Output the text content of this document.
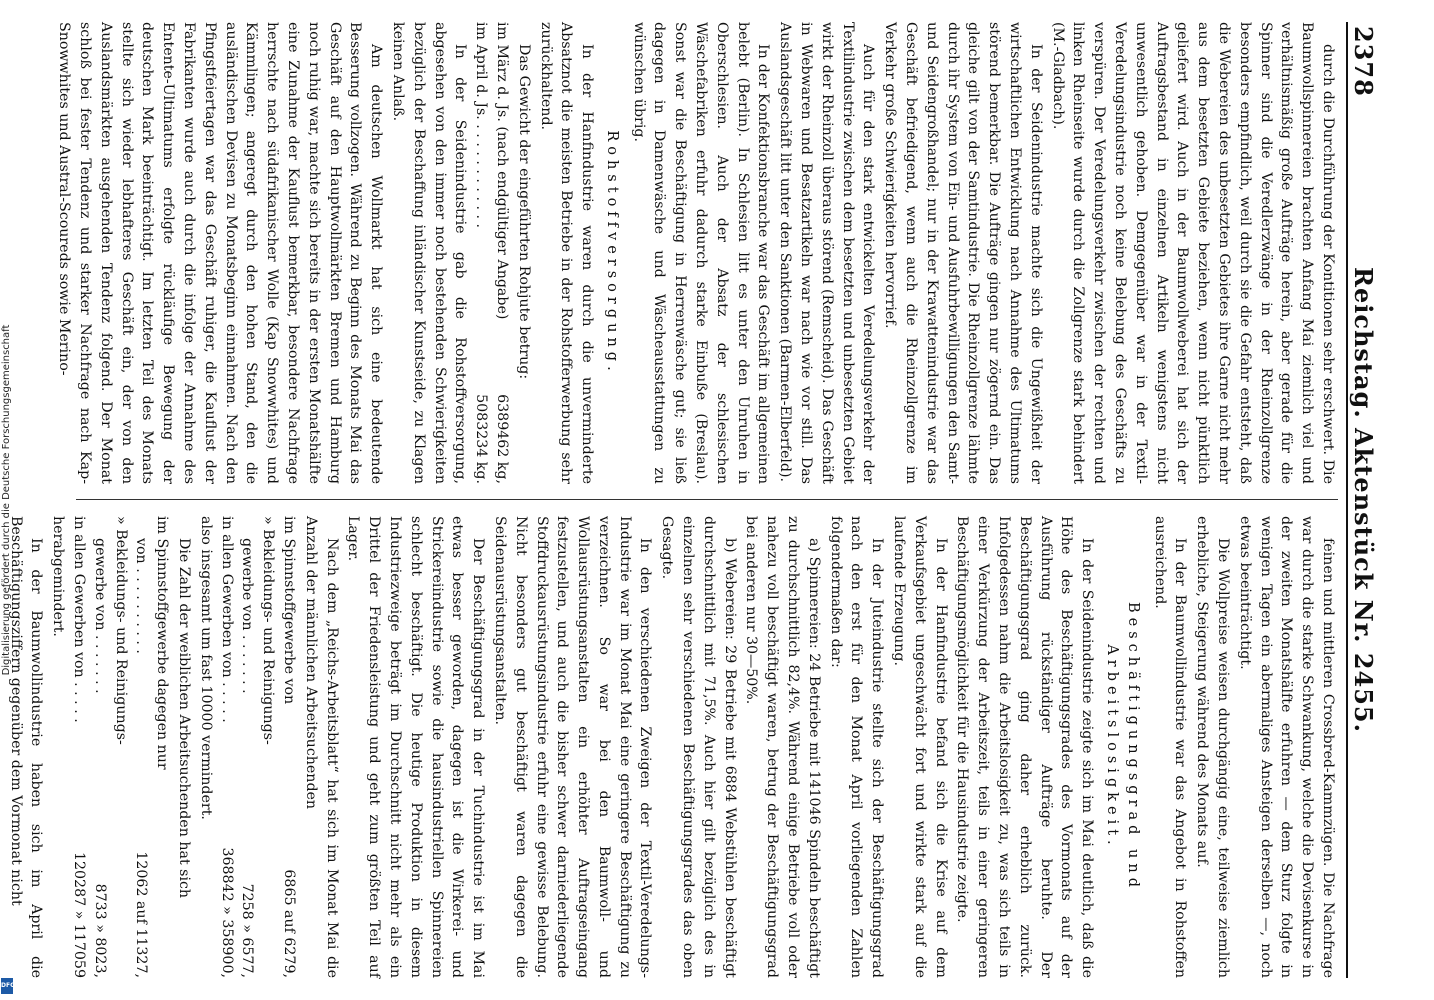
Digitalisierung gefördert durch die Deutsche Forschungsgemeinschaft
DFG
2378
Reichstag. Aktenstück Nr. 2455.

durch die Durchführung der Kontitionen sehr erschwert. Die Baumwollspinnereien brachten Anfang Mai ziemlich viel und verhältnismäßig große Aufträge herein, aber gerade für die Spinner sind die Veredlerzwänge in der Rheinzollgrenze besonders empfindlich, weil durch sie die Gefahr entsteht, daß die Webereien des unbesetzten Gebietes ihre Garne nicht mehr aus dem besetzten Gebiete beziehen, wenn nicht pünktlich geliefert wird. Auch in der Baumwollweberei hat sich der Auftragsbestand in einzelnen Artikeln wenigstens nicht unwesentlich gehoben. Demgegenüber war in der Textil-Veredelungsindustrie noch keine Belebung des Geschäfts zu verspüren. Der Veredelungsverkehr zwischen der rechten und linken Rheinseite wurde durch die Zollgrenze stark behindert (M.-Gladbach).

In der Seidenindustrie machte sich die Ungewißheit der wirtschaftlichen Entwicklung nach Annahme des Ultimatums störend bemerkbar. Die Aufträge gingen nur zögernd ein. Das gleiche gilt von der Samtindustrie. Die Rheinzollgrenze lähmte durch ihr System von Ein- und Ausfuhrbewilligungen den Samt- und Seidengroßhandel; nur in der Krawattenindustrie war das Geschäft befriedigend, wenn auch die Rheinzollgrenze im Verkehr große Schwierigkeiten hervorrief.

Auch für den stark entwickelten Veredelungsverkehr der Textilindustrie zwischen dem besetzten und unbesetzten Gebiet wirkt der Rheinzoll überaus störend (Remscheid). Das Geschäft in Webwaren und Besatzartikeln war nach wie vor still. Das Auslandsgeschäft litt unter den Sanktionen (Barmen-Elberfeld).

In der Konfektionsbranche war das Geschäft im allgemeinen belebt (Berlin). In Schlesien litt es unter den Unruhen in Oberschlesien. Auch der Absatz der schlesischen Wäschefabriken erfuhr dadurch starke Einbuße (Breslau). Sonst war die Beschäftigung in Herrenwäsche gut; sie ließ dagegen in Damenwäsche und Wäscheausstattungen zu wünschen übrig.

Rohstoffversorgung.

In der Hanfindustrie waren durch die unverminderte Absatznot die meisten Betriebe in der Rohstofferwerbung sehr zurückhaltend.

Das Gewicht der eingeführten Rohjute betrug:

im März d. Js. (nach endgültiger Angabe)	6389462 kg,
im April d. Js. . . . . . . . . . . . .	5083234 kg.

In der Seidenindustrie gab die Rohstoffversorgung, abgesehen von den immer noch bestehenden Schwierigkeiten bezüglich der Beschaffung inländischer Kunstseide, zu Klagen keinen Anlaß.

Am deutschen Wollmarkt hat sich eine bedeutende Besserung vollzogen. Während zu Beginn des Monats Mai das Geschäft auf den Hauptwollmärkten Bremen und Hamburg noch ruhig war, machte sich bereits in der ersten Monatshälfte eine Zunahme der Kauflust bemerkbar, besondere Nachfrage herrschte nach südafrikanischer Wolle (Kap Snowwhites) und Kämmlingen; angeregt durch den hohen Stand, den die ausländischen Devisen zu Monatsbeginn einnahmen. Nach den Pfingstfeiertagen war das Geschäft ruhiger, die Kauflust der Fabrikanten wurde auch durch die infolge der Annahme des Entente-Ultimatums erfolgte rückläufige Bewegung der deutschen Mark beeinträchtigt. Im letzten Teil des Monats stellte sich wieder lebhafteres Geschäft ein, der von den Auslandsmärkten ausgehenden Tendenz folgend. Der Monat schloß bei fester Tendenz und starker Nachfrage nach Kap-Snowwhites und Austral-Scoureds sowie Merino-

feinen und mittleren Crossbred-Kammzügen. Die Nachfrage war durch die starke Schwankung, welche die Devisenkurse in der zweiten Monatshälfte erfuhren — dem Sturz folgte in wenigen Tagen ein abermaliges Ansteigen derselben —, noch etwas beeinträchtigt.

Die Wollpreise weisen durchgängig eine, teilweise ziemlich erhebliche, Steigerung während des Monats auf.

In der Baumwollindustrie war das Angebot in Rohstoffen ausreichend.

Beschäftigungsgrad und Arbeitslosigkeit.

In der Seidenindustrie zeigte sich im Mai deutlich, daß die Höhe des Beschäftigungsgrades des Vormonats auf der Ausführung rückständiger Aufträge beruhte. Der Beschäftigungsgrad ging daher erheblich zurück. Infolgedessen nahm die Arbeitslosigkeit zu, was sich teils in einer Verkürzung der Arbeitszeit, teils in einer geringeren Beschäftigungsmöglichkeit für die Hausindustrie zeigte.

In der Hanfindustrie befand sich die Krise auf dem Verkaufsgebiet ungeschwächt fort und wirkte stark auf die laufende Erzeugung.

In der Juteindustrie stellte sich der Beschäftigungsgrad nach den erst für den Monat April vorliegenden Zahlen folgendermaßen dar:

a) Spinnereien: 24 Betriebe mit 141046 Spindeln beschäftigt zu durchschnittlich 82,4%. Während einige Betriebe voll oder nahezu voll beschäftigt waren, betrug der Beschäftigungsgrad bei anderen nur 30—50%.

b) Webereien: 29 Betriebe mit 6884 Webstühlen beschäftigt durchschnittlich mit 71,5%. Auch hier gilt bezüglich des in einzelnen sehr verschiedenen Beschäftigungsgrades das oben Gesagte.

In den verschiedenen Zweigen der Textil-Veredelungs-Industrie war im Monat Mai eine geringere Beschäftigung zu verzeichnen. So war bei den Baumwoll- und Wollausrüstungsanstalten ein erhöhter Auftragseingang festzustellen, und auch die bisher schwer darniederliegende Stoffdruckausrüstungsindustrie erfuhr eine gewisse Belebung. Nicht besonders gut beschäftigt waren dagegen die Seidenausrüstungsanstalten.

Der Beschäftigungsgrad in der Tuchindustrie ist im Mai etwas besser geworden, dagegen ist die Wirkerei- und Strickereiindustrie sowie die hausindustriellen Spinnereien schlecht beschäftigt. Die heutige Produktion in diesem Industriezweige beträgt im Durchschnitt nicht mehr als ein Drittel der Friedensleistung und geht zum größten Teil auf Lager.

Nach dem „Reichs-Arbeitsblatt“ hat sich im Monat Mai die Anzahl der männlichen Arbeitsuchenden

im Spinnstoffgewerbe von	6865 auf 6279,
» Bekleidungs- und Reinigungs-	
gewerbe von . . . . . . .	7258 » 6577,
in allen Gewerben von . . . . .	368842 » 358900,

also insgesamt um fast 10000 vermindert.

Die Zahl der weiblichen Arbeitsuchenden hat sich

im Spinnstoffgewerbe dagegen nur	
von . . . . . . . . . .	12062 auf 11327,
» Bekleidungs- und Reinigungs-	
gewerbe von . . . . . . .	8733 » 8023,
in allen Gewerben von . . . . .	120287 » 117059

herabgemindert.

In der Baumwollindustrie haben sich im April die Beschäftigungsziffern gegenüber dem Vormonat nicht
